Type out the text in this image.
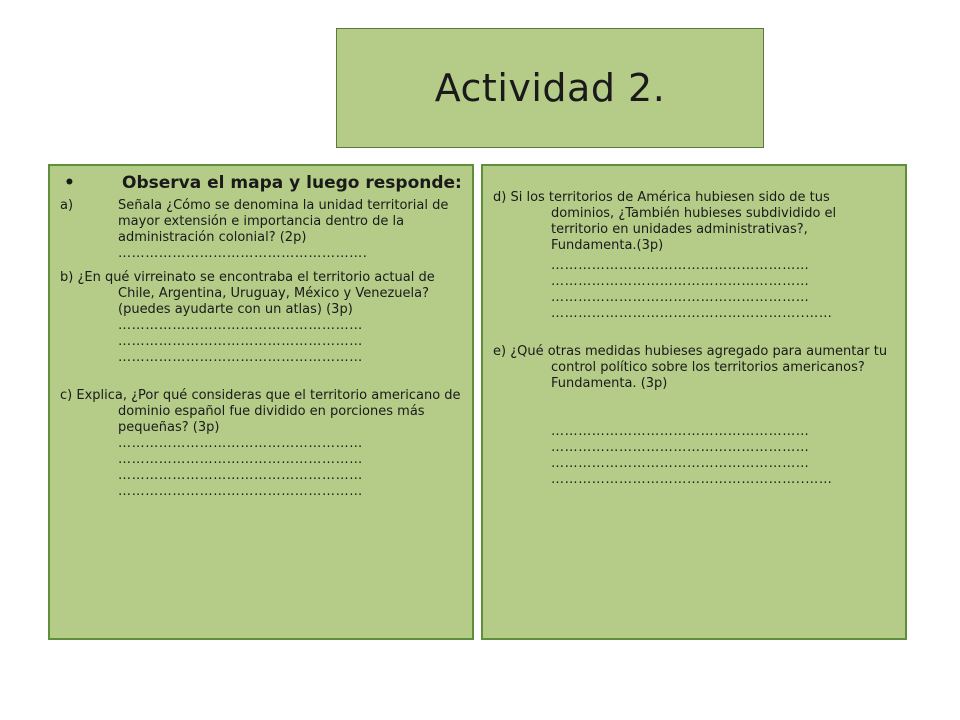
Actividad 2.
•	Observa el mapa y luego responde:
a)	Señala ¿Cómo se denomina la unidad territorial de mayor extensión e importancia dentro de la administración colonial? (2p)
……………………………………………….

b) ¿En qué virreinato se encontraba el territorio actual de Chile, Argentina, Uruguay, México y Venezuela? (puedes ayudarte con un atlas) (3p)

………………………………………………
………………………………………………
………………………………………………

c) Explica, ¿Por qué consideras que el territorio americano de dominio español fue dividido en porciones más pequeñas? (3p)

………………………………………………
………………………………………………
………………………………………………
………………………………………………

d) Si los territorios de América hubiesen sido de tus dominios, ¿También hubieses subdividido el territorio en unidades administrativas?, Fundamenta.(3p)

…………………………………………………
…………………………………………………
…………………………………………………
………………………………………………..……

e) ¿Qué otras medidas hubieses agregado para aumentar tu control político sobre los territorios americanos? Fundamenta. (3p)

…………………………………………………
…………………………………………………
…………………………………………………
………………………………………………..……
